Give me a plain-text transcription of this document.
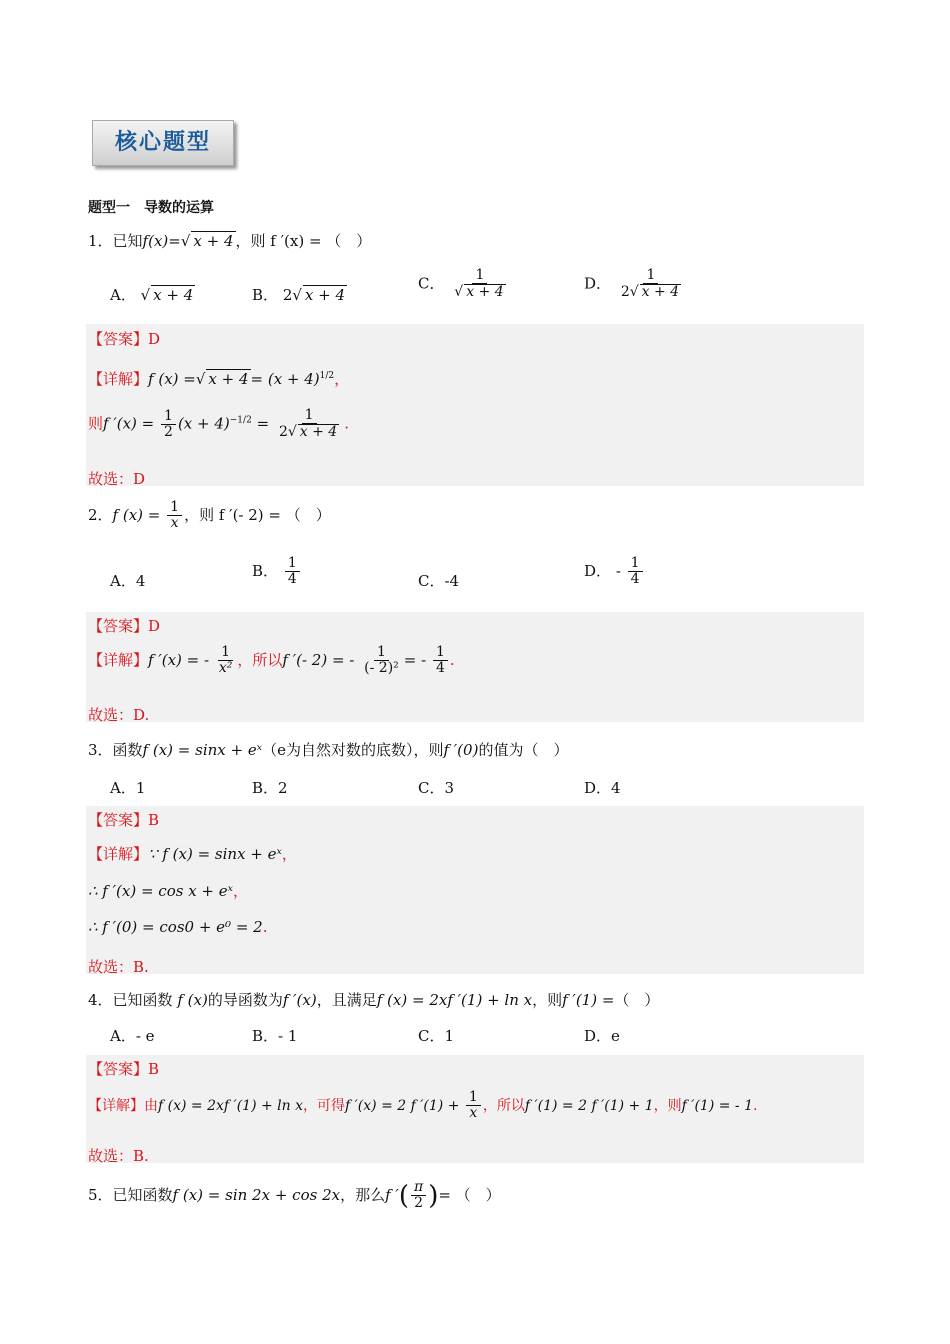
核心题型
题型一　导数的运算
1．已知f(x)=√ x + 4 ，则 f ′(x) = （　）
A． √ x + 4	B． 2√ x + 4
C． $\frac{1}{√ x + 4}$	D． $\frac{1}{2√ x + 4}$
【答案】D
【详解】f (x) =√ $x + 4 = (x + 4)^{1/2}$，
则f $'(x) = \frac{1}{2} (x + 4)^{-1/2} = \frac{1}{2√ x + 4}$ .
故选：D
2．f $(x) = \frac{1}{x}$ ，则 f ′(- 2) = （　）
A．4
B． $\frac{1}{4}$	C．-4
D． - $\frac{1}{4}$
【答案】D
【详解】f ′(x) = - $\frac{1}{\text{x²}}$ ，所以f ′(- 2) = - $\frac{1}{\text{(- 2)²}}$ = - $\frac{1}{4}$ .
故选：D.
3．函数f (x) = sinx + eˣ（e为自然对数的底数），则f ′(0)的值为（　）
A．1	B．2	C．3	D．4
【答案】B
【详解】∵ f (x) = sinx + eˣ，
∴ f ′(x) = cos x + eˣ，
∴ f ′(0) = cos0 + e⁰ = 2.
故选：B.
4．已知函数 f (x)的导函数为f ′(x)，且满足f (x) = 2xf ′(1) + ln x，则f ′(1) =（　）
A．- e	B．- 1	C．1	D．e
【答案】B
【详解】由f (x) = 2xf ′(1) + ln x，可得f ′(x) = 2 f $'(1) + \frac{1}{x}$ ，所以f ′(1) = 2 f ′(1) + 1，则f ′(1) = - 1.
故选：B.
5．已知函数f (x) = sin 2x + cos 2x，那么f ′( $\frac{\pi}{2}$ )= （　）
